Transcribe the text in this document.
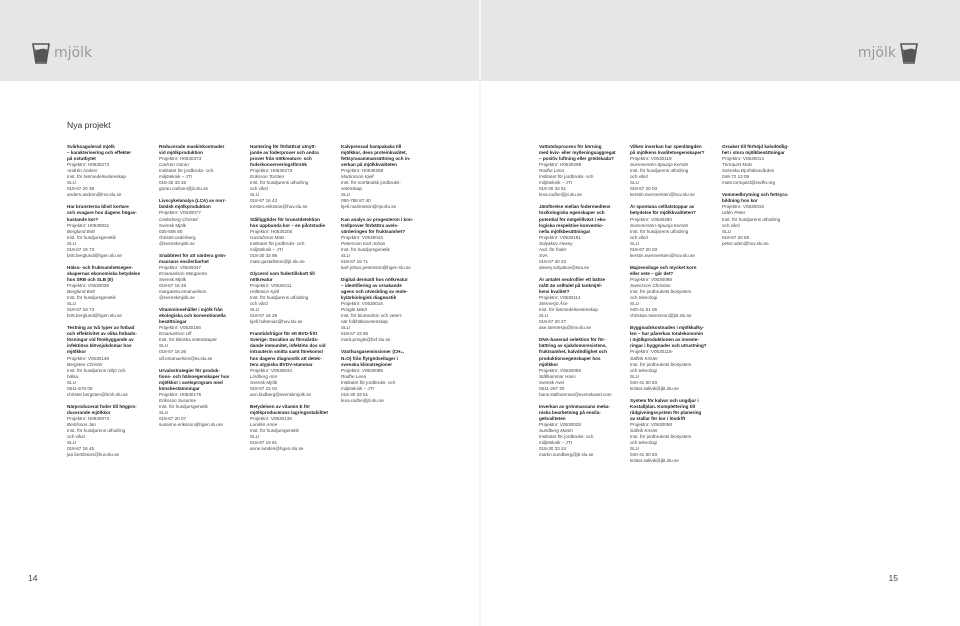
mjölk
Nya projekt
Svårkoagulerad mjölk
– karakterisering och effekter
på ostutbytet
Projektnr: H0530272
Andrén Anders
Inst. för livsmedelsvetenskap
SLU
018-67 20 38
anders.andren@lmv.slu.se
Har brunsterna blivit kortare
och svagare hos dagens högav-
kastande kor?
Projektnr: H0530031
Berglund Britt
Inst. för husdjursgenetik
SLU
018-67 19 73
britt.berglund@hgen.slu.se
Hälso- och fruktsamhetsegen-
skapernas ekonomiska betydelse
hos SRB och SLB (II)
Projektnr: V0530039
Berglund Britt
Inst. för husdjursgenetik
SLU
018-67 19 73
britt.berglund@hgen.slu.se
Testning av två typer av fotbad
och effektivitet av olika fotbads-
lösningar vid förebyggande av
infektiösa klövsjukdomar hos
mjölkkor
Projektnr: V0530149
Bergsten Christer
Inst. för husdjurens miljö och
hälsa
SLU
0511-670 00
christer.bergsten@hmh.slu.se
Närproducerat foder till högpro-
ducerande mjölkkor
Projektnr: H0530072
Bertilsson Jan
Inst. för husdjurens utfodring
och vård
SLU
018-67 16 45
jan.bertilsson@huv.slu.se
Reducerade maskinkostnader
vid mjölkproduktion
Projektnr: H0530373
Carlson Göran
Institutet för jordbruks- och
miljöteknik – JTI
018-30 33 26
goran.carlson@jti.slu.se
Livscykelanalys (LCA) av norr-
ländsk mjölkproduktion
Projektnr: V0530077
Cederberg Christel
Svensk Mjölk
035-506 80
christel.cederberg
@svenskmjolk.se
Snabbtest för att värdera grön-
massans ensilerbarhet
Projektnr: V0530047
Emanuelson Margareta
Svensk Mjölk
018-67 16 49
margareta.emanuelson
@svenskmjolk.se
Vitamininnehållet i mjölk från
ekologiska och konventionella
besättningar
Projektnr: V0530156
Emanuelson Ulf
Inst. för kliniska vetenskaper
SLU
018-67 18 26
ulf.emanuelson@kv.slu.se
Urvalsstrategier för produk-
tions- och hälsoegenskaper hos
mjölkkor i avelsprogram med
könsbestämningar
Projektnr: H0530175
Eriksson Susanne
Inst. för husdjursgenetik
SLU
018-67 20 07
susanne.eriksson@hgen.slu.se
Hantering för förbättrat utnytt-
jande av foderprover och andra
prover från nötkreaturs- och
foderkonserveringsförsök
Projektnr: H0530273
Eriksson Torsten
Inst. för husdjurens utfodring
och vård
SLU
018-67 16 43
torsten.eriksson@huv.slu.se
Stålliggtider för brunstdetektion
hos uppbunda kor – en pilotstudie
Projektnr: H0530205
Gustafsson Mats
Institutet för jordbruks- och
miljöteknik – JTI
018-30 33 98
mats.gustafsson@jti.slu.se
Glycerol som fodertillskott till
nötkreatur
Projektnr: V0530211
Holtenius Kjell
Inst. för husdjurens utfodring
och vård
SLU
018-67 16 29
kjell.holtenius@huv.slu.se
Framtidsfrågor för ett BVD-fritt
Sverige: Duration av försvårds-
dande immunitet, infektiös dos vid
intrauterin smitta samt förekomst
hos dagens diagnostik att detek-
tera atypiska BVDV-stammar
Projektnr: V0530044
Lindberg Ann
Svensk Mjölk
018-67 23 04
ann.lindberg@svenskmjolk.se
Betydelsen av vitamin E för
mjölkproducerans lagringsstabilitet
Projektnr: V0530135
Lundén Anne
Inst. för husdjursgenetik
SLU
018-67 19 61
anne.lunden@hgen.slu.se
Kalvpressad hampakaka till
mjölkkor, dess proteinkvalitet,
fettsyrasammansättning och in-
verkan på mjölkkvaliteten
Projektnr: H0530268
Martinsson Kjell
Inst. för norrländsk jordbruks-
vetenskap
SLU
090-786 87 40
kjell.martinsson@njv.slu.se
Kan analys av progesteron i kon-
trollprover förbättra avels-
värderingen för fruktsamhet?
Projektnr: V0530043
Petersson Karl-Johan
Inst. för husdjursgenetik
SLU
018-67 19 71
karl-johan.petersson@hgen.slu.se
Digital dermatit hos nötkreatur
– identifiering av orsakande
agens och utveckling av mole-
kylärbiologisk diagnostik
Projektnr: V0530016
Pringle Märit
Inst. för biomedicin och veteri-
när folkhälsovetenskap
SLU
018-67 23 86
marit.pringle@bvf.slu.se
Växthusgasemissioner (CH₄,
N₂O) från flytgödsellager i
svenska klimatregioner
Projektnr: V0530085
Rodhe Lena
Institutet för jordbruks- och
miljöteknik – JTI
018-30 33 51
lena.rodhe@jti.slu.se
14
mjölk
Vattnödsprocess för körning
med kviv- eller mylleningsaggregat
– positiv luftning eller grödskada?
Projektnr: H0530298
Rodhe Lena
Institutet för jordbruks- och
miljöteknik – JTI
018-30 33 51
lena.rodhe@jti.slu.se
Jämförelse mellan fodermedlens
toxikologiska egenskaper och
potential för mögelillväxt i eko-
logiska respektive konventio-
nella mjölkbesättningar
Projektnr: V0530191
Solyakov Alexey
Avd. för foder
SVA
018-67 40 23
alexey.solyakov@sva.se
Är antalet neutrofiler ett bättre
mått än celltalet på tankmjöl-
kens kvalitet?
Projektnr: V0530114
Sternesjö Åse
Inst. för livsmedelsvetenskap
SLU
018-67 20 27
ase.sternesjo@lmv.slu.se
DNA-baserad selektion för för-
bättring av sjukdomsresistens,
fruktsamhet, kalvdödlighet och
produktionsegenskaper hos
mjölkkor
Projektnr: V0530059
Stålhammar Hans
Svensk Avel
0511-267 20
hans.stalhammar@svenskavel.com
Inverkan av grönmassans meka-
niska bearbetning på ensila-
gekvaliteten
Projektnr: V0530028
Sundberg Martin
Institutet för jordbruks- och
miljöteknik – JTI
018-30 33 24
martin.sundberg@jti.slu.se
Vilken inverkan har spenlängden
på mjölkens kvalitetsegenskaper?
Projektnr: V0530119
Svennersten-Sjaunja Kerstin
Inst. för husdjurens utfodring
och vård
SLU
018-67 20 03
kerstin.svennersten@huv.slu.se
Är spontana celltalstoppar av
betydelse för mjölkkvaliteten?
Projektnr: V0530280
Svennersten-Sjaunja Kerstin
Inst. för husdjurens utfodring
och vård
SLU
018-67 20 03
kerstin.svennersten@huv.slu.se
Majsensilage och mycket korn
eller vete – går det?
Projektnr: V0530088
Swensson Christian
Inst. för jordbrukets biosystem
och teknologi
SLU
040-41 51 06
christian.swensson@jbt.slu.se
Byggnadskostnaden i mjölkkalky-
len – hur påverkas totalekonomin
i mjölkproduktionen av investe-
ringar i byggnader och utrustning?
Projektnr: V0530116-
Sällvik Krister
Inst. för jordbrukets biosystem
och teknologi
SLU
040-41 50 83
krister.sallvik@jbt.slu.se
System för kalvar och ungdjur i
Kostallplan. Komplettering till
rådgivningssystem för planering
av stallar för kor i lösdrift
Projektnr: V0530058
Sällvik Krister
Inst. för jordbrukets biosystem
och teknologi
SLU
040-41 50 83
krister.sallvik@jbt.slu.se
Orsaker till förhöjd kalvdödlig-
het i stora mjölkbesättningar
Projektnr: V0530014
Törnquist Mats
Svenska Djurhälsovården
046-72 13 05
mats.tornquist@svdhv.org
Vommedbrytning och fettsyra-
bildning hos kor
Projektnr: V0530019
Udén Peter
Inst. för husdjurens utfodring
och vård
SLU
018-67 20 58
peter.uden@huv.slu.se
15
